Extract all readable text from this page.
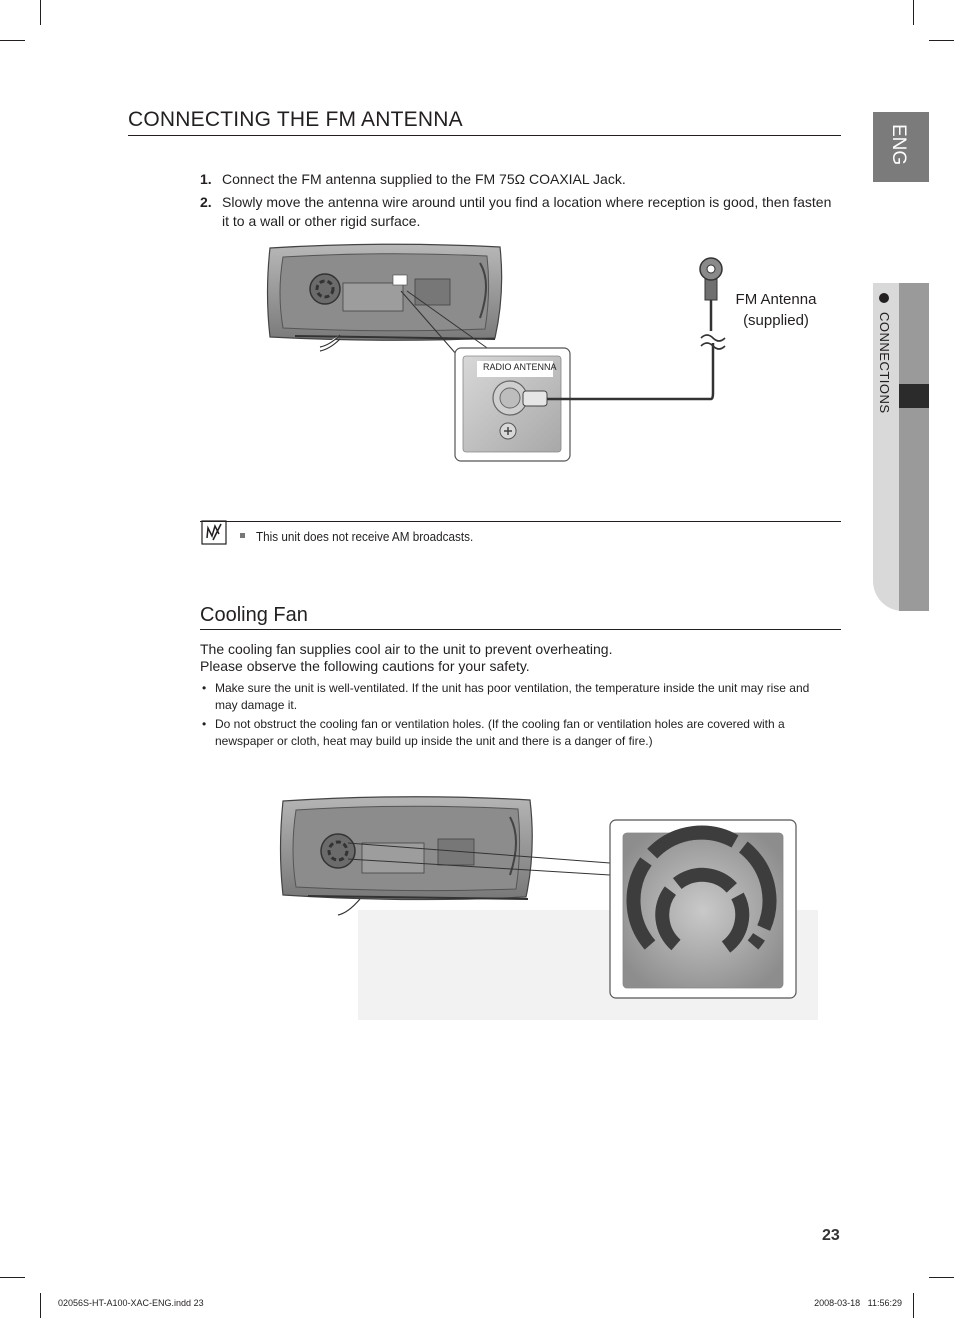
CONNECTING THE FM ANTENNA
1. Connect the FM antenna supplied to the FM 75Ω COAXIAL Jack.
2. Slowly move the antenna wire around until you find a location where reception is good, then fasten it to a wall or other rigid surface.
RADIO ANTENNA
FM Antenna
(supplied)
This unit does not receive AM broadcasts.
Cooling Fan
The cooling fan supplies cool air to the unit to prevent overheating.
Please observe the following cautions for your safety.
• Make sure the unit is well-ventilated. If the unit has poor ventilation, the temperature inside the unit may rise and may damage it.
• Do not obstruct the cooling fan or ventilation holes. (If the cooling fan or ventilation holes are covered with a newspaper or cloth, heat may build up inside the unit and there is a danger of fire.)
ENG
CONNECTIONS
23
02056S-HT-A100-XAC-ENG.indd 23	2008-03-18   11:56:29
